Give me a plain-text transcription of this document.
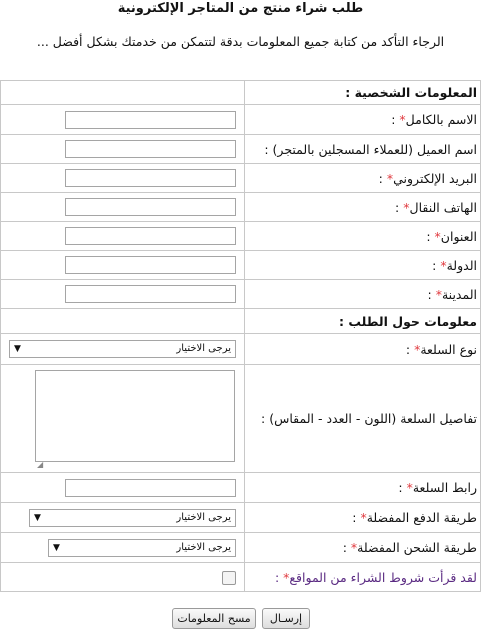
طلب شراء منتج من المتاجر الإلكترونية
الرجاء التأكد من كتابة جميع المعلومات بدقة لتتمكن من خدمتك بشكل أفضل ...
المعلومات الشخصية :	
الاسم بالكامل* :	

اسم العميل (للعملاء المسجلين بالمتجر) :	

البريد الإلكتروني* :	

الهاتف النقال* :	

العنوان* :	

الدولة* :	

المدينة* :	

معلومات حول الطلب :	
نوع السلعة* :	يرجى الاختيار
▼

تفاصيل السلعة (اللون - العدد - المقاس) :	◢

رابط السلعة* :	

طريقة الدفع المفضلة* :	يرجى الاختيار
▼

طريقة الشحن المفضلة* :	يرجى الاختيار
▼

لقد قرأت شروط الشراء من المواقع* :	
إرسـال
مسح المعلومات
